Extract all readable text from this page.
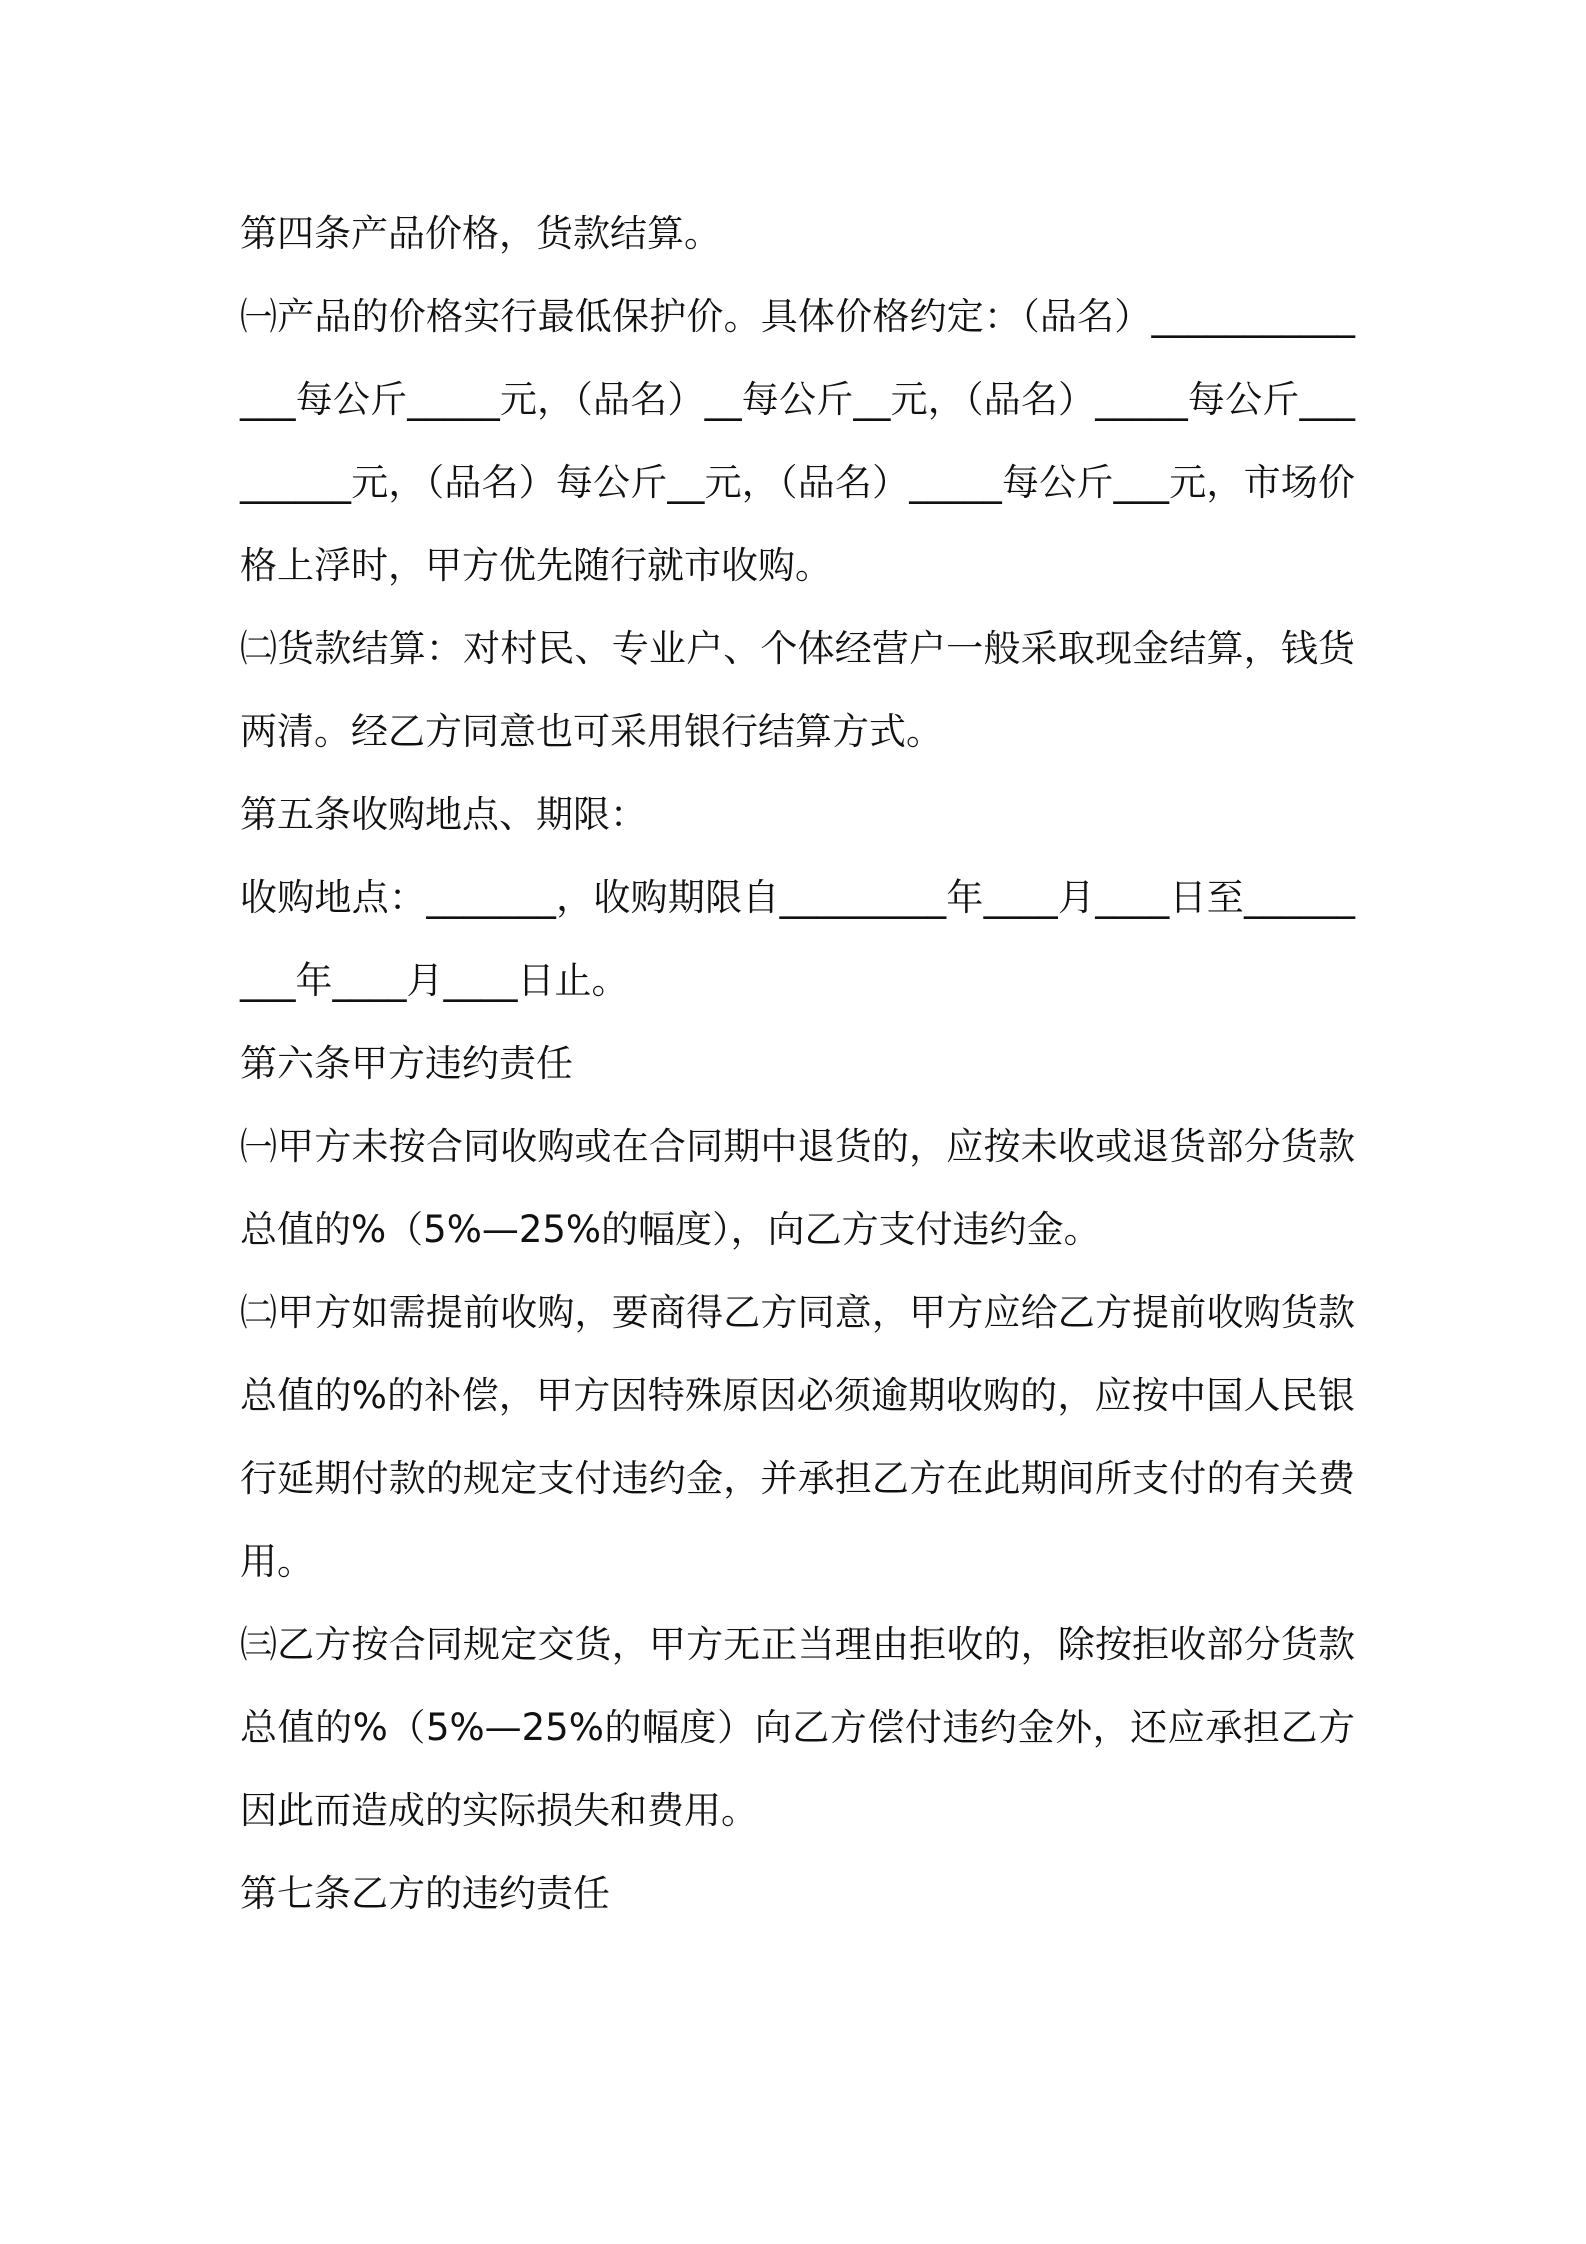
第四条产品价格，货款结算。

㈠产品的价格实行最低保护价。具体价格约定：（品名）______________每公斤_____元，（品名）__每公斤__元，（品名）_____每公斤_________元，（品名）每公斤__元，（品名）_____每公斤___元，市场价格上浮时，甲方优先随行就市收购。

㈡货款结算：对村民、专业户、个体经营户一般采取现金结算，钱货两清。经乙方同意也可采用银行结算方式。

第五条收购地点、期限：

收购地点：_______，收购期限自_________年____月____日至_________年____月____日止。

第六条甲方违约责任

㈠甲方未按合同收购或在合同期中退货的，应按未收或退货部分货款总值的%（5%—25%的幅度），向乙方支付违约金。

㈡甲方如需提前收购，要商得乙方同意，甲方应给乙方提前收购货款总值的%的补偿，甲方因特殊原因必须逾期收购的，应按中国人民银行延期付款的规定支付违约金，并承担乙方在此期间所支付的有关费用。

㈢乙方按合同规定交货，甲方无正当理由拒收的，除按拒收部分货款总值的%（5%—25%的幅度）向乙方偿付违约金外，还应承担乙方因此而造成的实际损失和费用。

第七条乙方的违约责任
